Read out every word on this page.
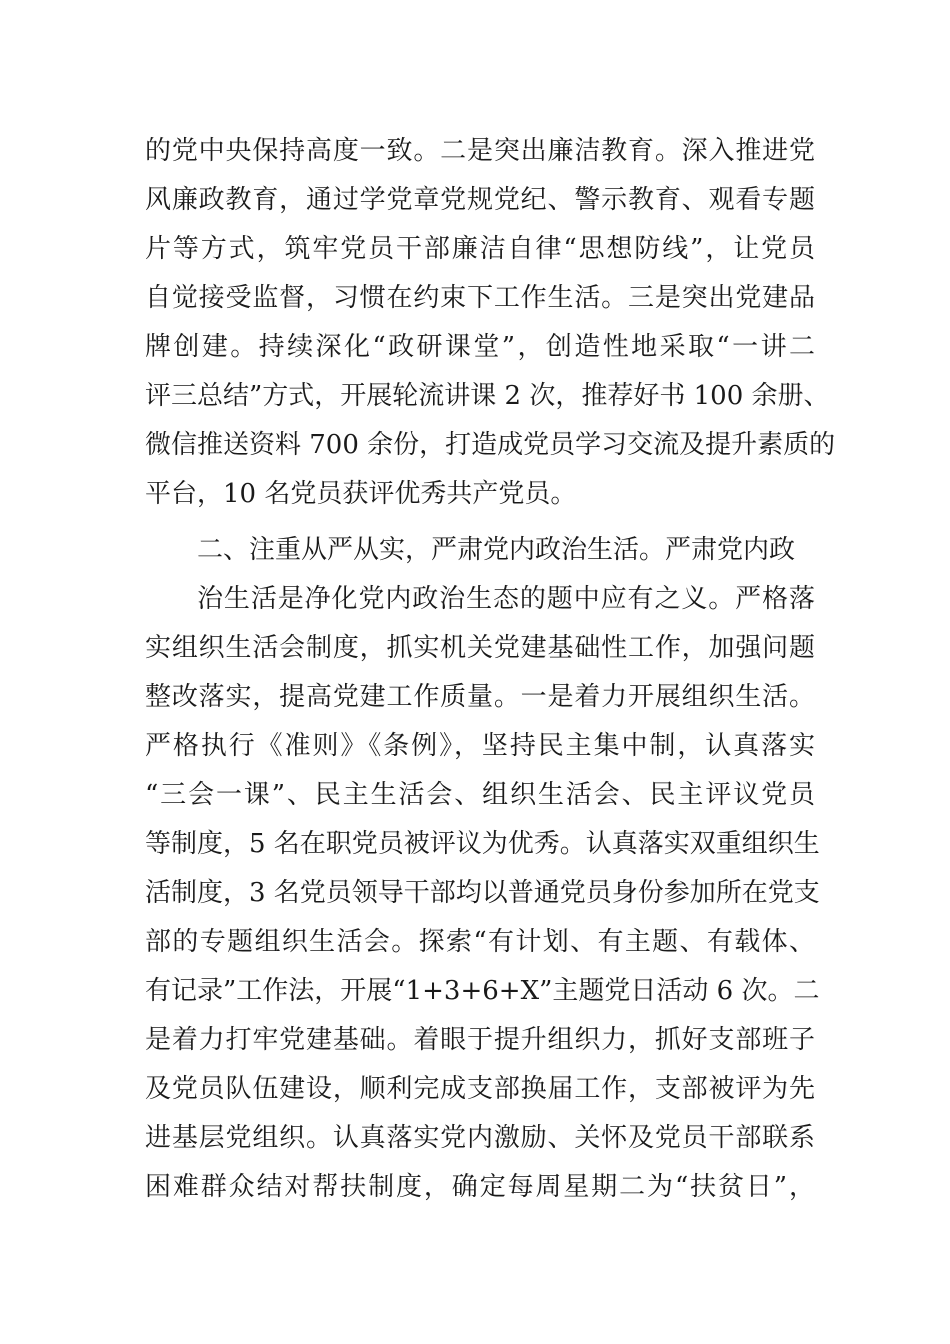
的党中央保持高度一致。二是突出廉洁教育。深入推进党
风廉政教育，通过学党章党规党纪、警示教育、观看专题
片等方式，筑牢党员干部廉洁自律“思想防线”，让党员
自觉接受监督，习惯在约束下工作生活。三是突出党建品
牌创建。持续深化“政研课堂”，创造性地采取“一讲二
评三总结”方式，开展轮流讲课 2 次，推荐好书 100 余册、
微信推送资料 700 余份，打造成党员学习交流及提升素质的
平台，10 名党员获评优秀共产党员。
二、注重从严从实，严肃党内政治生活。严肃党内政
治生活是净化党内政治生态的题中应有之义。严格落
实组织生活会制度，抓实机关党建基础性工作，加强问题
整改落实，提高党建工作质量。一是着力开展组织生活。
严格执行《准则》《条例》，坚持民主集中制，认真落实
“三会一课”、民主生活会、组织生活会、民主评议党员
等制度，5 名在职党员被评议为优秀。认真落实双重组织生
活制度，3 名党员领导干部均以普通党员身份参加所在党支
部的专题组织生活会。探索“有计划、有主题、有载体、
有记录”工作法，开展“1+3+6+X”主题党日活动 6 次。二
是着力打牢党建基础。着眼于提升组织力，抓好支部班子
及党员队伍建设，顺利完成支部换届工作，支部被评为先
进基层党组织。认真落实党内激励、关怀及党员干部联系
困难群众结对帮扶制度，确定每周星期二为“扶贫日”，
